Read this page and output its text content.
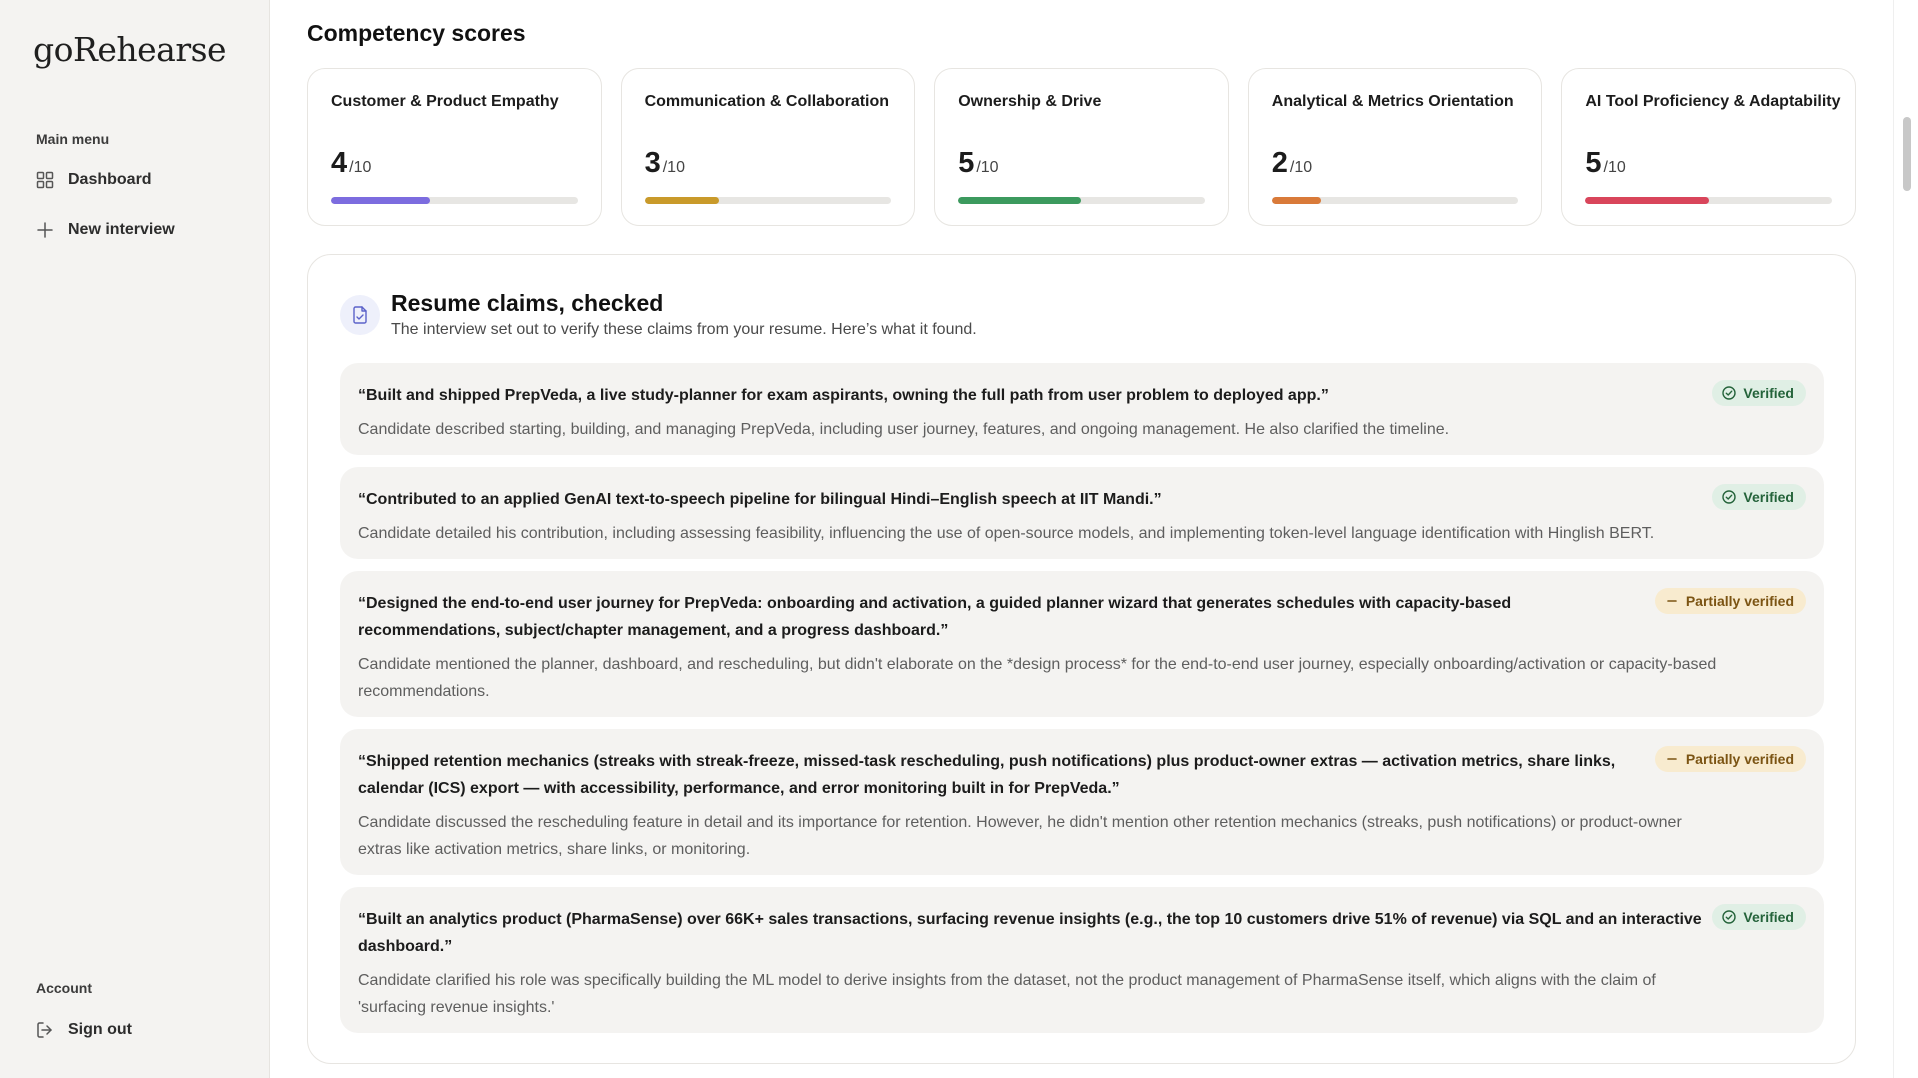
goRehearse
Main menu
Dashboard
New interview
Account
Sign out
Competency scores
Customer & Product Empathy
4 /10
Communication & Collaboration
3 /10
Ownership & Drive
5 /10
Analytical & Metrics Orientation
2 /10
AI Tool Proficiency & Adaptability
5 /10
Resume claims, checked

The interview set out to verify these claims from your resume. Here’s what it found.

“Built and shipped PrepVeda, a live study-planner for exam aspirants, owning the full path from user problem to deployed app.”	Verified
Candidate described starting, building, and managing PrepVeda, including user journey, features, and ongoing management. He also clarified the timeline.
“Contributed to an applied GenAI text-to-speech pipeline for bilingual Hindi–English speech at IIT Mandi.”	Verified
Candidate detailed his contribution, including assessing feasibility, influencing the use of open-source models, and implementing token-level language identification with Hinglish BERT.
“Designed the end-to-end user journey for PrepVeda: onboarding and activation, a guided planner wizard that generates schedules with capacity-based
recommendations, subject/chapter management, and a progress dashboard.”
Partially verified
Candidate mentioned the planner, dashboard, and rescheduling, but didn't elaborate on the *design process* for the end-to-end user journey, especially onboarding/activation or capacity-based
recommendations.
“Shipped retention mechanics (streaks with streak-freeze, missed-task rescheduling, push notifications) plus product-owner extras — activation metrics, share links,
calendar (ICS) export — with accessibility, performance, and error monitoring built in for PrepVeda.”
Partially verified
Candidate discussed the rescheduling feature in detail and its importance for retention. However, he didn't mention other retention mechanics (streaks, push notifications) or product-owner
extras like activation metrics, share links, or monitoring.
“Built an analytics product (PharmaSense) over 66K+ sales transactions, surfacing revenue insights (e.g., the top 10 customers drive 51% of revenue) via SQL and an interactive
dashboard.”
Verified
Candidate clarified his role was specifically building the ML model to derive insights from the dataset, not the product management of PharmaSense itself, which aligns with the claim of
'surfacing revenue insights.'
